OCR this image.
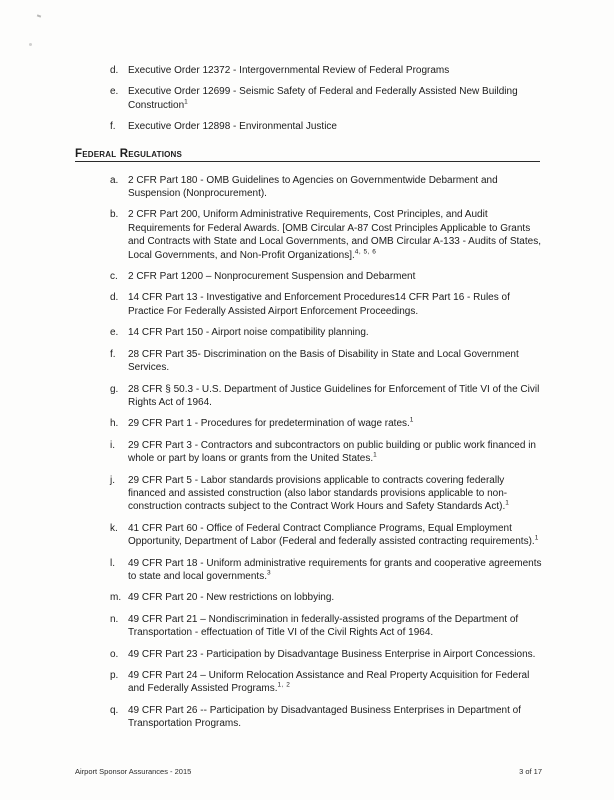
d. Executive Order 12372 - Intergovernmental Review of Federal Programs
e. Executive Order 12699 - Seismic Safety of Federal and Federally Assisted New Building Construction$^1$
f.	Executive Order 12898 - Environmental Justice
Federal Regulations
a. 2 CFR Part 180 - OMB Guidelines to Agencies on Governmentwide Debarment and Suspension (Nonprocurement).
b. 2 CFR Part 200, Uniform Administrative Requirements, Cost Principles, and Audit Requirements for Federal Awards. [OMB Circular A-87 Cost Principles Applicable to Grants and Contracts with State and Local Governments, and OMB Circular A-133 - Audits of States, Local Governments, and Non-Profit Organizations].$^{4, 5, 6}$
c.	2 CFR Part 1200 – Nonprocurement Suspension and Debarment
d. 14 CFR Part 13 - Investigative and Enforcement Procedures14 CFR Part 16 - Rules of Practice For Federally Assisted Airport Enforcement Proceedings.
e. 14 CFR Part 150 - Airport noise compatibility planning.
f.	28 CFR Part 35- Discrimination on the Basis of Disability in State and Local Government Services.
g. 28 CFR § 50.3 - U.S. Department of Justice Guidelines for Enforcement of Title VI of the Civil Rights Act of 1964.
h. 29 CFR Part 1 - Procedures for predetermination of wage rates.$^1$
i.	29 CFR Part 3 - Contractors and subcontractors on public building or public work financed in whole or part by loans or grants from the United States.$^1$
j.	29 CFR Part 5 - Labor standards provisions applicable to contracts covering federally financed and assisted construction (also labor standards provisions applicable to non-construction contracts subject to the Contract Work Hours and Safety Standards Act).$^1$
k.	41 CFR Part 60 - Office of Federal Contract Compliance Programs, Equal Employment Opportunity, Department of Labor (Federal and federally assisted contracting requirements).$^1$
l.	49 CFR Part 18 - Uniform administrative requirements for grants and cooperative agreements to state and local governments.$^3$
m. 49 CFR Part 20 - New restrictions on lobbying.
n. 49 CFR Part 21 – Nondiscrimination in federally-assisted programs of the Department of Transportation - effectuation of Title VI of the Civil Rights Act of 1964.
o. 49 CFR Part 23 - Participation by Disadvantage Business Enterprise in Airport Concessions.
p. 49 CFR Part 24 – Uniform Relocation Assistance and Real Property Acquisition for Federal and Federally Assisted Programs.$^{1, 2}$
q. 49 CFR Part 26 -- Participation by Disadvantaged Business Enterprises in Department of Transportation Programs.
Airport Sponsor Assurances - 2015	3 of 17
